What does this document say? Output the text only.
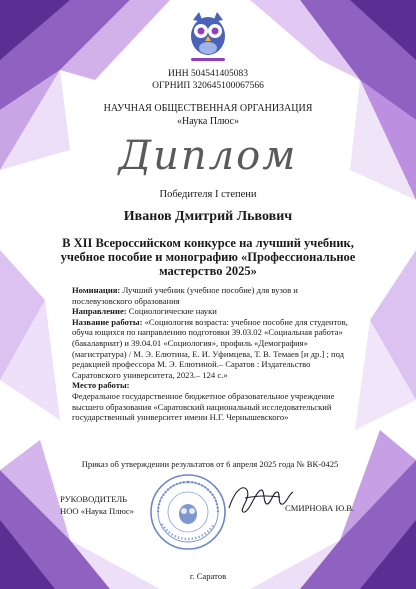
ИНН 504541405083
ОГРНИП 320645100067566
НАУЧНАЯ ОБЩЕСТВЕННАЯ ОРГАНИЗАЦИЯ
«Наука Плюс»
Диплом
Победителя I степени
Иванов Дмитрий Львович
В XII Всероссийском конкурсе на лучший учебник,
учебное пособие и монографию «Профессиональное
мастерство 2025»

Номинация: Лучший учебник (учебное пособие) для вузов и послевузовского образования

Направление: Социологические науки

Название работы: «Социология возраста: учебное пособие для студентов, обуча ющихся по направлению подготовки 39.03.02 «Социальная работа» (бакалавриат) и 39.04.01 «Социология», профиль «Демография» (магистратура) / М. Э. Елютина, Е. И. Уфимцева, Т. В. Темаев [и др.] ; под редакцией профессора М. Э. Елютиной.– Саратов : Издательство Саратовского университета, 2023.– 124 с.»

Место работы:

Федеральное государственное бюджетное образовательное учреждение высшего образования «Саратовский национальный исследовательский государственный университет имени Н.Г. Чернышевского»

Приказ об утверждении результатов от 6 апреля 2025 года № ВК-0425
РУКОВОДИТЕЛЬ
НОО «Наука Плюс»	СМИРНОВА Ю.В.
г. Саратов
